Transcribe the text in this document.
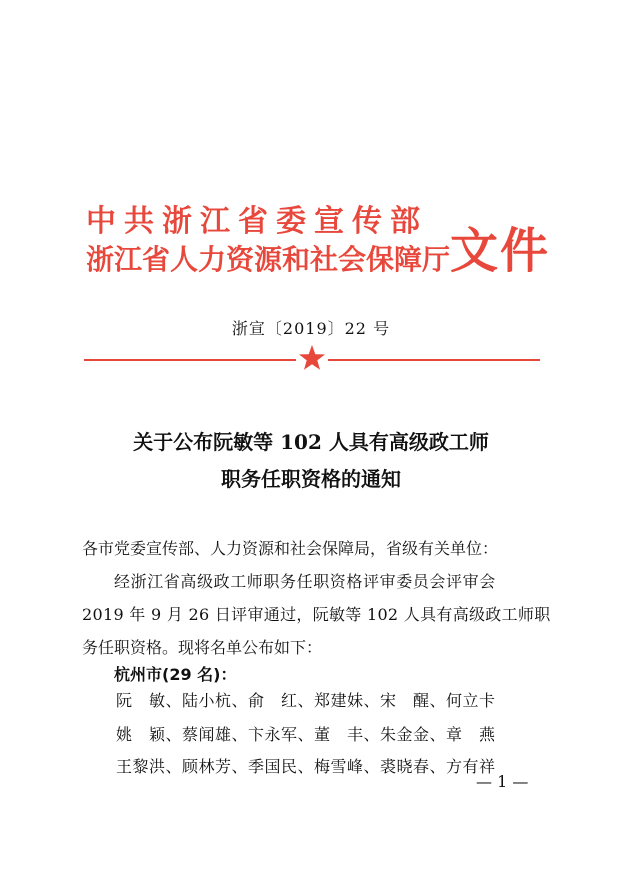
中共浙江省委宣传部
浙江省人力资源和社会保障厅 文件
浙宣〔2019〕22 号
关于公布阮敏等 102 人具有高级政工师
职务任职资格的通知
各市党委宣传部、人力资源和社会保障局，省级有关单位：
经浙江省高级政工师职务任职资格评审委员会评审会
2019 年 9 月 26 日评审通过，阮敏等 102 人具有高级政工师职
务任职资格。现将名单公布如下：
杭州市(29 名)：
阮　敏、陆小杭、俞　红、郑建妹、宋　醒、何立卡
姚　颖、蔡闻雄、卞永军、董　丰、朱金金、章　燕
王黎洪、顾林芳、季国民、梅雪峰、裘晓春、方有祥
— 1 —
